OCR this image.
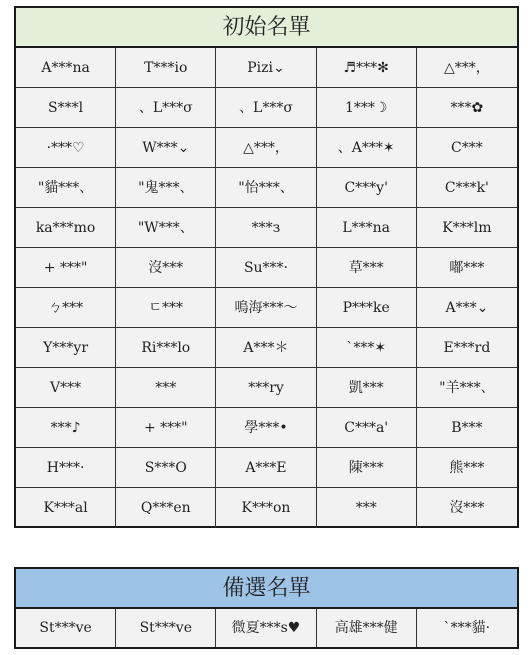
初始名單
A***na	T***io	Pizi⌄	♬***✻	△***，
S***l	、L***σ	、L***σ	1***☽	***✿
·***♡	W***⌄	△***，	、A***✶	C***
"貓***、	"鬼***、	"怡***、	C***y'	C***k'
ka***mo	"W***、	***з	L***na	K***lm
+ ***"	沒***	Su***·	草***	嘟***
ㄅ***	ㄷ***	鳴海***～	P***ke	A***⌄
Y***yr	Ri***lo	A***＊	`***✶	E***rd
V***	***	***ry	凱***	"羊***、
***♪	+ ***"	學***•	C***a'	B***
H***·	S***O	A***E	陳***	熊***
K***al	Q***en	K***on	***	沒***
備選名單
St***ve	St***ve	微夏***s♥	高雄***健	`***貓·
